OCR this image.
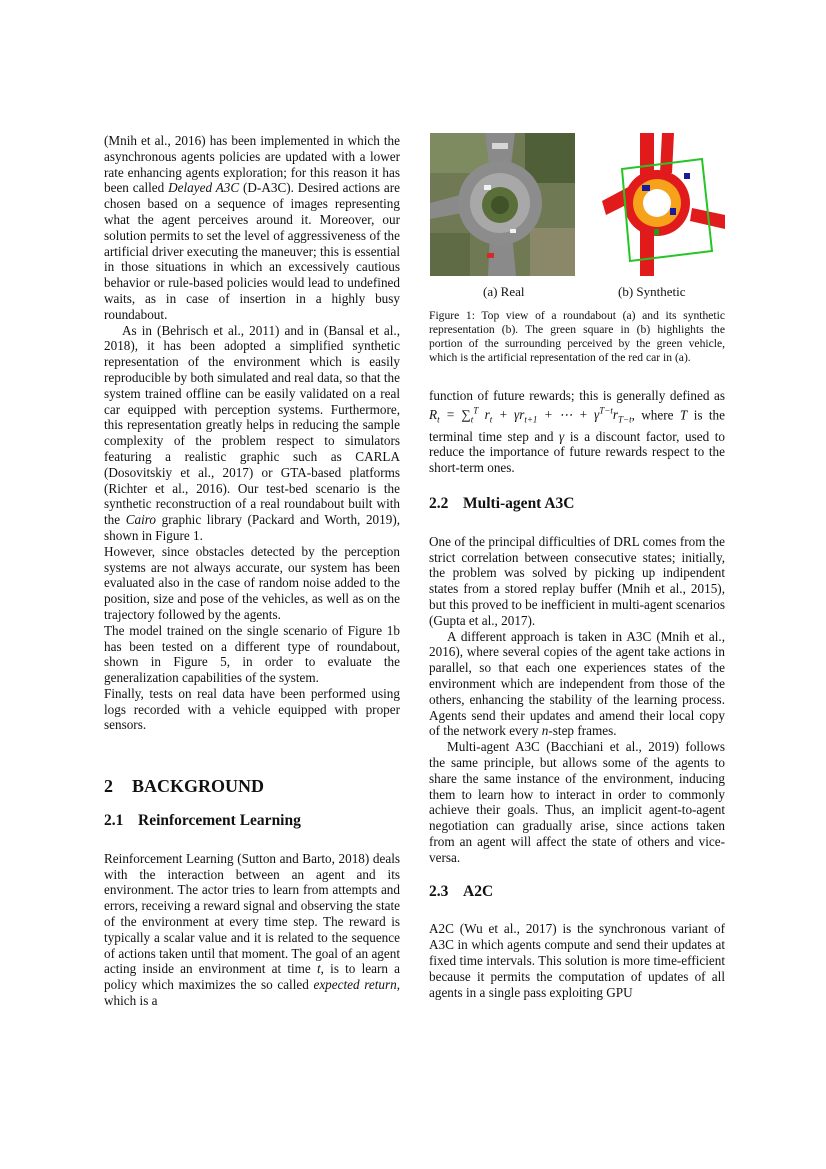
(Mnih et al., 2016) has been implemented in which the asynchronous agents policies are updated with a lower rate enhancing agents exploration; for this reason it has been called Delayed A3C (D-A3C). Desired actions are chosen based on a sequence of images representing what the agent perceives around it. Moreover, our solution permits to set the level of aggressiveness of the artificial driver executing the maneuver; this is essential in those situations in which an excessively cautious behavior or rule-based policies would lead to undefined waits, as in case of insertion in a highly busy roundabout.

As in (Behrisch et al., 2011) and in (Bansal et al., 2018), it has been adopted a simplified synthetic representation of the environment which is easily reproducible by both simulated and real data, so that the system trained offline can be easily validated on a real car equipped with perception systems. Furthermore, this representation greatly helps in reducing the sample complexity of the problem respect to simulators featuring a realistic graphic such as CARLA (Dosovitskiy et al., 2017) or GTA-based platforms (Richter et al., 2016). Our test-bed scenario is the synthetic reconstruction of a real roundabout built with the Cairo graphic library (Packard and Worth, 2019), shown in Figure 1.

However, since obstacles detected by the perception systems are not always accurate, our system has been evaluated also in the case of random noise added to the position, size and pose of the vehicles, as well as on the trajectory followed by the agents.

The model trained on the single scenario of Figure 1b has been tested on a different type of roundabout, shown in Figure 5, in order to evaluate the generalization capabilities of the system.

Finally, tests on real data have been performed using logs recorded with a vehicle equipped with proper sensors.

2 BACKGROUND
2.1 Reinforcement Learning

Reinforcement Learning (Sutton and Barto, 2018) deals with the interaction between an agent and its environment. The actor tries to learn from attempts and errors, receiving a reward signal and observing the state of the environment at every time step. The reward is typically a scalar value and it is related to the sequence of actions taken until that moment. The goal of an agent acting inside an environment at time t, is to learn a policy which maximizes the so called expected return, which is a

(a) Real	(b) Synthetic
Figure 1: Top view of a roundabout (a) and its synthetic representation (b). The green square in (b) highlights the portion of the surrounding perceived by the green vehicle, which is the artificial representation of the red car in (a).

function of future rewards; this is generally defined as $R_t = \sum_t^T$ $r_t + \gamma r_{t+1}$ + ⋯ + $\gamma^{T-t}r_{T-t}$, where T is the terminal time step and γ is a discount factor, used to reduce the importance of future rewards respect to the short-term ones.

2.2 Multi-agent A3C

One of the principal difficulties of DRL comes from the strict correlation between consecutive states; initially, the problem was solved by picking up indipendent states from a stored replay buffer (Mnih et al., 2015), but this proved to be inefficient in multi-agent scenarios (Gupta et al., 2017).

A different approach is taken in A3C (Mnih et al., 2016), where several copies of the agent take actions in parallel, so that each one experiences states of the environment which are independent from those of the others, enhancing the stability of the learning process. Agents send their updates and amend their local copy of the network every n-step frames.

Multi-agent A3C (Bacchiani et al., 2019) follows the same principle, but allows some of the agents to share the same instance of the environment, inducing them to learn how to interact in order to commonly achieve their goals. Thus, an implicit agent-to-agent negotiation can gradually arise, since actions taken from an agent will affect the state of others and vice-versa.

2.3 A2C

A2C (Wu et al., 2017) is the synchronous variant of A3C in which agents compute and send their updates at fixed time intervals. This solution is more time-efficient because it permits the computation of updates of all agents in a single pass exploiting GPU
